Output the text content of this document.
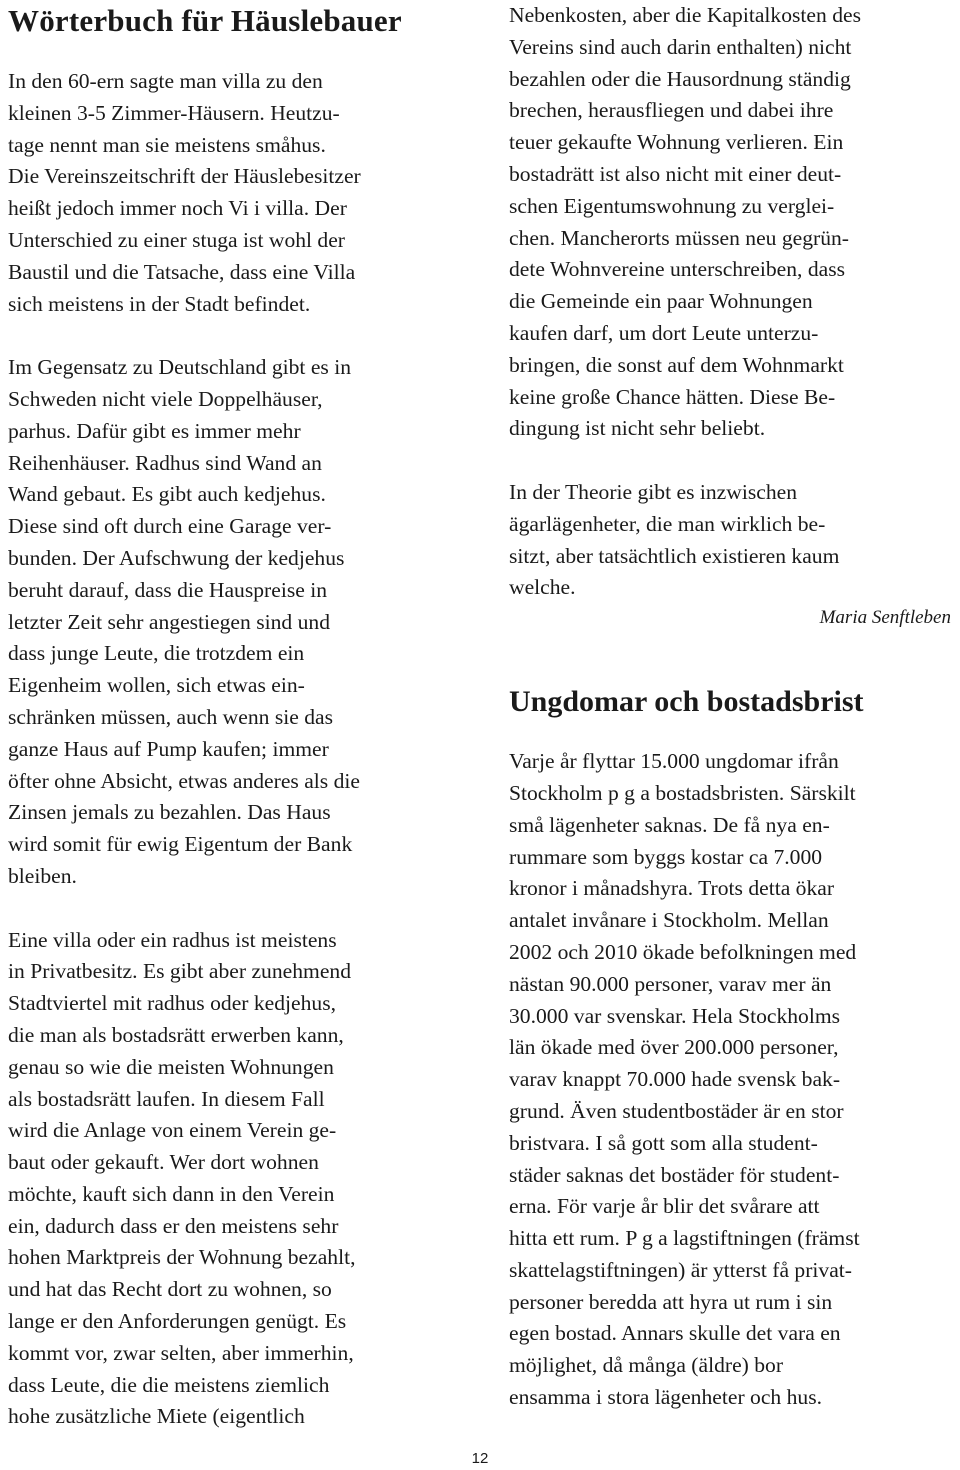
Wörterbuch für Häuslebauer
In den 60-ern sagte man villa zu den
kleinen 3-5 Zimmer-Häusern. Heutzu-
tage nennt man sie meistens småhus.
Die Vereinszeitschrift der Häuslebesitzer
heißt jedoch immer noch Vi i villa. Der
Unterschied zu einer stuga ist wohl der
Baustil und die Tatsache, dass eine Villa
sich meistens in der Stadt befindet.
Im Gegensatz zu Deutschland gibt es in
Schweden nicht viele Doppelhäuser,
parhus. Dafür gibt es immer mehr
Reihenhäuser. Radhus sind Wand an
Wand gebaut. Es gibt auch kedjehus.
Diese sind oft durch eine Garage ver-
bunden. Der Aufschwung der kedjehus
beruht darauf, dass die Hauspreise in
letzter Zeit sehr angestiegen sind und
dass junge Leute, die trotzdem ein
Eigenheim wollen, sich etwas ein-
schränken müssen, auch wenn sie das
ganze Haus auf Pump kaufen; immer
öfter ohne Absicht, etwas anderes als die
Zinsen jemals zu bezahlen. Das Haus
wird somit für ewig Eigentum der Bank
bleiben.
Eine villa oder ein radhus ist meistens
in Privatbesitz. Es gibt aber zunehmend
Stadtviertel mit radhus oder kedjehus,
die man als bostadsrätt erwerben kann,
genau so wie die meisten Wohnungen
als bostadsrätt laufen. In diesem Fall
wird die Anlage von einem Verein ge-
baut oder gekauft. Wer dort wohnen
möchte, kauft sich dann in den Verein
ein, dadurch dass er den meistens sehr
hohen Marktpreis der Wohnung bezahlt,
und hat das Recht dort zu wohnen, so
lange er den Anforderungen genügt. Es
kommt vor, zwar selten, aber immerhin,
dass Leute, die die meistens ziemlich
hohe zusätzliche Miete (eigentlich
Nebenkosten, aber die Kapitalkosten des
Vereins sind auch darin enthalten) nicht
bezahlen oder die Hausordnung ständig
brechen, herausfliegen und dabei ihre
teuer gekaufte Wohnung verlieren. Ein
bostadrätt ist also nicht mit einer deut-
schen Eigentumswohnung zu verglei-
chen. Mancherorts müssen neu gegrün-
dete Wohnvereine unterschreiben, dass
die Gemeinde ein paar Wohnungen
kaufen darf, um dort Leute unterzu-
bringen, die sonst auf dem Wohnmarkt
keine große Chance hätten. Diese Be-
dingung ist nicht sehr beliebt.
In der Theorie gibt es inzwischen
ägarlägenheter, die man wirklich be-
sitzt, aber tatsächtlich existieren kaum
welche.
Maria Senftleben
Ungdomar och bostadsbrist
Varje år flyttar 15.000 ungdomar ifrån
Stockholm p g a bostadsbristen. Särskilt
små lägenheter saknas. De få nya en-
rummare som byggs kostar ca 7.000
kronor i månadshyra. Trots detta ökar
antalet invånare i Stockholm. Mellan
2002 och 2010 ökade befolkningen med
nästan 90.000 personer, varav mer än
30.000 var svenskar. Hela Stockholms
län ökade med över 200.000 personer,
varav knappt 70.000 hade svensk bak-
grund. Även studentbostäder är en stor
bristvara. I så gott som alla student-
städer saknas det bostäder för student-
erna. För varje år blir det svårare att
hitta ett rum. P g a lagstiftningen (främst
skattelagstiftningen) är ytterst få privat-
personer beredda att hyra ut rum i sin
egen bostad. Annars skulle det vara en
möjlighet, då många (äldre) bor
ensamma i stora lägenheter och hus.
12
